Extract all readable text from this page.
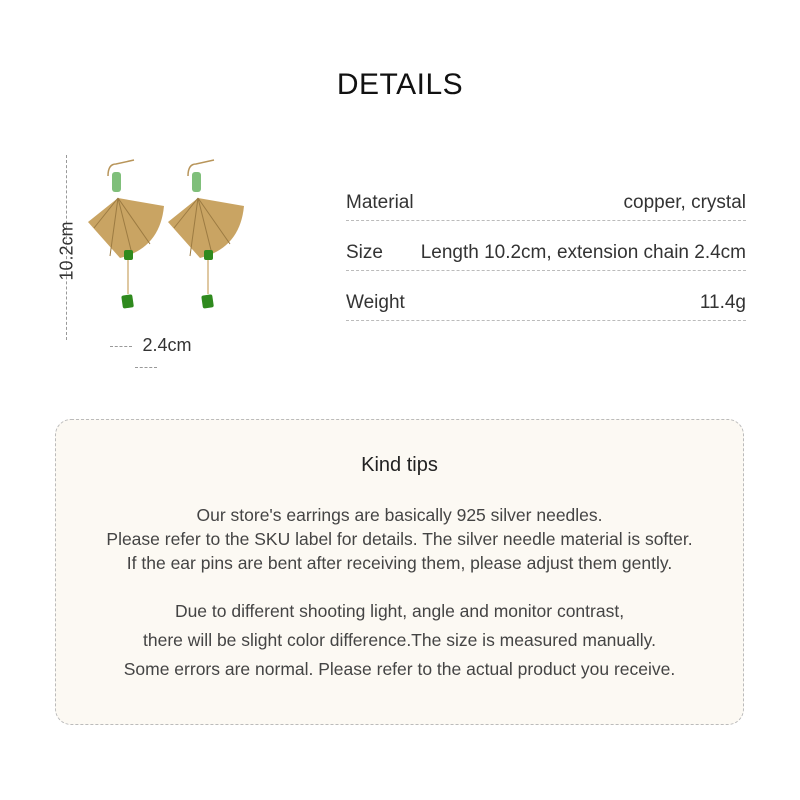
DETAILS
10.2cm
2.4cm
Material	copper, crystal
Size Length 10.2cm, extension chain 2.4cm
Weight	11.4g
Kind tips

Our store's earrings are basically 925 silver needles.
Please refer to the SKU label for details. The silver needle material is softer.
If the ear pins are bent after receiving them, please adjust them gently.

Due to different shooting light, angle and monitor contrast,
there will be slight color difference.The size is measured manually.
Some errors are normal. Please refer to the actual product you receive.
